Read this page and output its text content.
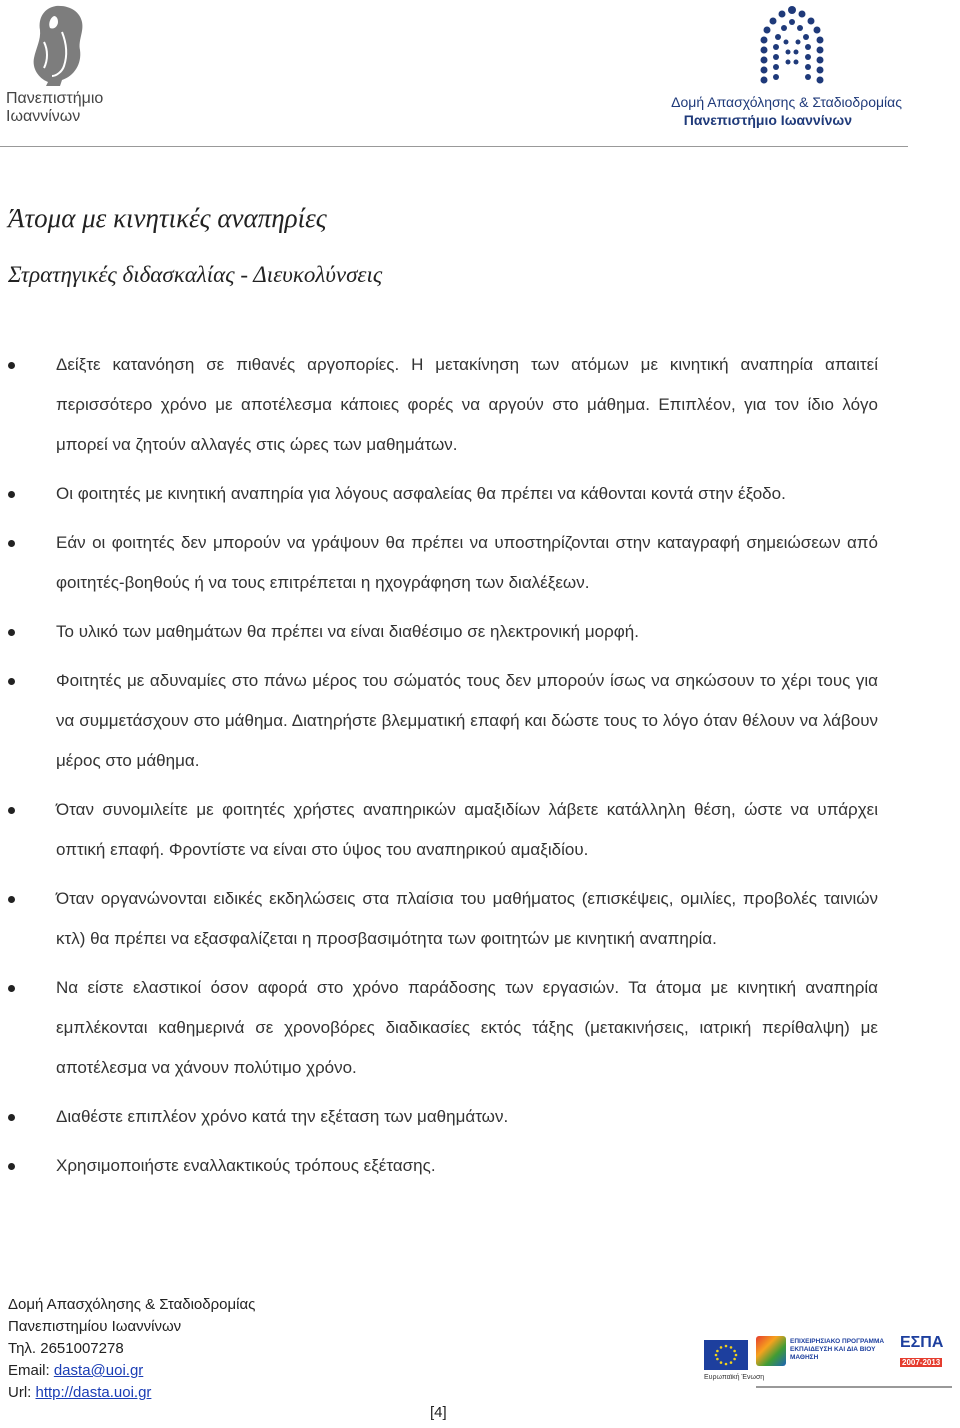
Πανεπιστήμιο
Ιωαννίνων
Δομή Απασχόλησης & Σταδιοδρομίας
Πανεπιστήμιο Ιωαννίνων
Άτομα με κινητικές αναπηρίες
Στρατηγικές διδασκαλίας - Διευκολύνσεις
Δείξτε κατανόηση σε πιθανές αργοπορίες. Η μετακίνηση των ατόμων με κινητική αναπηρία απαιτεί περισσότερο χρόνο με αποτέλεσμα κάποιες φορές να αργούν στο μάθημα. Επιπλέον, για τον ίδιο λόγο μπορεί να ζητούν αλλαγές στις ώρες των μαθημάτων.
Οι φοιτητές με κινητική αναπηρία για λόγους ασφαλείας θα πρέπει να κάθονται κοντά στην έξοδο.
Εάν οι φοιτητές δεν μπορούν να γράψουν θα πρέπει να υποστηρίζονται στην καταγραφή σημειώσεων από φοιτητές-βοηθούς ή να τους επιτρέπεται η ηχογράφηση των διαλέξεων.
Το υλικό των μαθημάτων θα πρέπει να είναι διαθέσιμο σε ηλεκτρονική μορφή.
Φοιτητές με αδυναμίες στο πάνω μέρος του σώματός τους δεν μπορούν ίσως να σηκώσουν το χέρι τους για να συμμετάσχουν στο μάθημα. Διατηρήστε βλεμματική επαφή και δώστε τους το λόγο όταν θέλουν να λάβουν μέρος στο μάθημα.
Όταν συνομιλείτε με φοιτητές χρήστες αναπηρικών αμαξιδίων λάβετε κατάλληλη θέση, ώστε να υπάρχει οπτική επαφή. Φροντίστε να είναι στο ύψος του αναπηρικού αμαξιδίου.
Όταν οργανώνονται ειδικές εκδηλώσεις στα πλαίσια του μαθήματος (επισκέψεις, ομιλίες, προβολές ταινιών κτλ) θα πρέπει να εξασφαλίζεται η προσβασιμότητα των φοιτητών με κινητική αναπηρία.
Να είστε ελαστικοί όσον αφορά στο χρόνο παράδοσης των εργασιών. Τα άτομα με κινητική αναπηρία εμπλέκονται καθημερινά σε χρονοβόρες διαδικασίες εκτός τάξης (μετακινήσεις, ιατρική περίθαλψη) με αποτέλεσμα να χάνουν πολύτιμο χρόνο.
Διαθέστε επιπλέον χρόνο κατά την εξέταση των μαθημάτων.
Χρησιμοποιήστε εναλλακτικούς τρόπους εξέτασης.
Δομή Απασχόλησης & Σταδιοδρομίας
Πανεπιστημίου Ιωαννίνων
Τηλ. 2651007278
Email: dasta@uoi.gr
Url: http://dasta.uoi.gr
[4]
Ευρωπαϊκή Ένωση
ΕΠΙΧΕΙΡΗΣΙΑΚΟ ΠΡΟΓΡΑΜΜΑ ΕΚΠΑΙΔΕΥΣΗ ΚΑΙ ΔΙΑ ΒΙΟΥ ΜΑΘΗΣΗ
ΕΣΠΑ
2007-2013
